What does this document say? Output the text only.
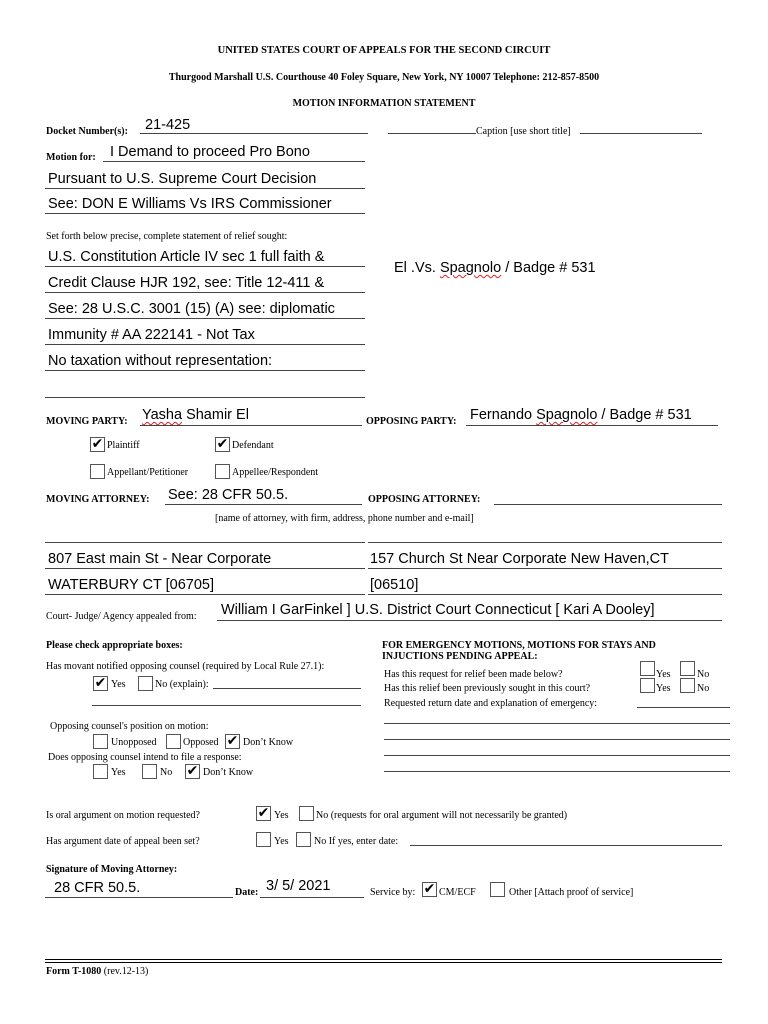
UNITED STATES COURT OF APPEALS FOR THE SECOND CIRCUIT
Thurgood Marshall U.S. Courthouse 40 Foley Square, New York, NY 10007 Telephone: 212-857-8500
MOTION INFORMATION STATEMENT
Docket Number(s): 21-425	Caption [use short title]
Motion for: I Demand to proceed Pro Bono
Pursuant to U.S. Supreme Court Decision
See: DON E Williams Vs IRS Commissioner
Set forth below precise, complete statement of relief sought:
U.S. Constitution Article IV sec 1 full faith &
Credit Clause HJR 192, see: Title 12-411 &
See: 28 U.S.C. 3001 (15) (A) see: diplomatic
Immunity # AA 222141 - Not Tax
No taxation without representation:
El .Vs. Spagnolo / Badge # 531
MOVING PARTY: Yasha Shamir El	OPPOSING PARTY: Fernando Spagnolo / Badge # 531
✔ Plaintiff	✔ Defendant
Appellant/Petitioner	Appellee/Respondent
MOVING ATTORNEY: See: 28 CFR 50.5.	OPPOSING ATTORNEY:
[name of attorney, with firm, address, phone number and e-mail]
807 East main St - Near Corporate	157 Church St Near Corporate New Haven,CT
WATERBURY CT [06705]	[06510]
Court- Judge/ Agency appealed from: William I GarFinkel ] U.S. District Court Connecticut [ Kari A Dooley]
Please check appropriate boxes:
Has movant notified opposing counsel (required by Local Rule 27.1):
✔ Yes	No (explain):
Opposing counsel's position on motion:
Unopposed	Opposed ✔ Don’t Know
Does opposing counsel intend to file a response:
Yes	No ✔ Don’t Know
FOR EMERGENCY MOTIONS, MOTIONS FOR STAYS AND
INJUCTIONS PENDING APPEAL:
Has this request for relief been made below?	Yes	No
Has this relief been previously sought in this court?	Yes	No
Requested return date and explanation of emergency:
Is oral argument on motion requested?	✔ Yes	No (requests for oral argument will not necessarily be granted)
Has argument date of appeal been set?	Yes	No If yes, enter date:
Signature of Moving Attorney:
28 CFR 50.5.	Date: 3/ 5/ 2021	Service by: ✔ CM/ECF	Other [Attach proof of service]
Form T-1080 (rev.12-13)
